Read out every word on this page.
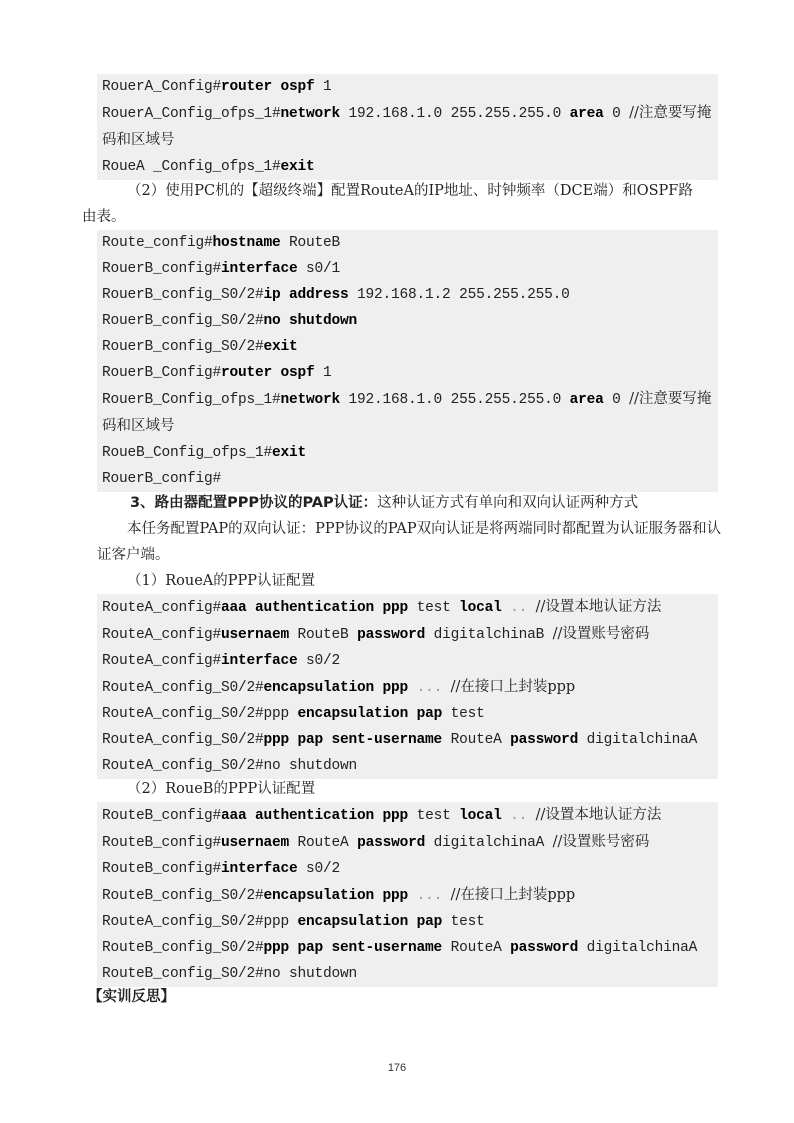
RouerA_Config#router ospf 1
RouerA_Config_ofps_1#network 192.168.1.0 255.255.255.0 area 0 //注意要写掩码和区域号
RoueA _Config_ofps_1#exit
（2）使用PC机的【超级终端】配置RouteA的IP地址、时钟频率（DCE端）和OSPF路由表。
Route_config#hostname RouteB
RouerB_config#interface s0/1
RouerB_config_S0/2#ip address 192.168.1.2 255.255.255.0
RouerB_config_S0/2#no shutdown
RouerB_config_S0/2#exit
RouerB_Config#router ospf 1
RouerB_Config_ofps_1#network 192.168.1.0 255.255.255.0 area 0 //注意要写掩码和区域号
RoueB_Config_ofps_1#exit
RouerB_config#
3、路由器配置PPP协议的PAP认证：这种认证方式有单向和双向认证两种方式
本任务配置PAP的双向认证：PPP协议的PAP双向认证是将两端同时都配置为认证服务器和认证客户端。
（1）RoueA的PPP认证配置
RouteA_config#aaa authentication ppp test local .. //设置本地认证方法
RouteA_config#usernaem RouteB password digitalchinaB //设置账号密码
RouteA_config#interface s0/2
RouteA_config_S0/2#encapsulation ppp ... //在接口上封装ppp
RouteA_config_S0/2#ppp encapsulation pap test
RouteA_config_S0/2#ppp pap sent-username RouteA password digitalchinaA
RouteA_config_S0/2#no shutdown
（2）RoueB的PPP认证配置
RouteB_config#aaa authentication ppp test local .. //设置本地认证方法
RouteB_config#usernaem RouteA password digitalchinaA //设置账号密码
RouteB_config#interface s0/2
RouteB_config_S0/2#encapsulation ppp ... //在接口上封装ppp
RouteA_config_S0/2#ppp encapsulation pap test
RouteB_config_S0/2#ppp pap sent-username RouteA password digitalchinaA
RouteB_config_S0/2#no shutdown
【实训反思】
176
